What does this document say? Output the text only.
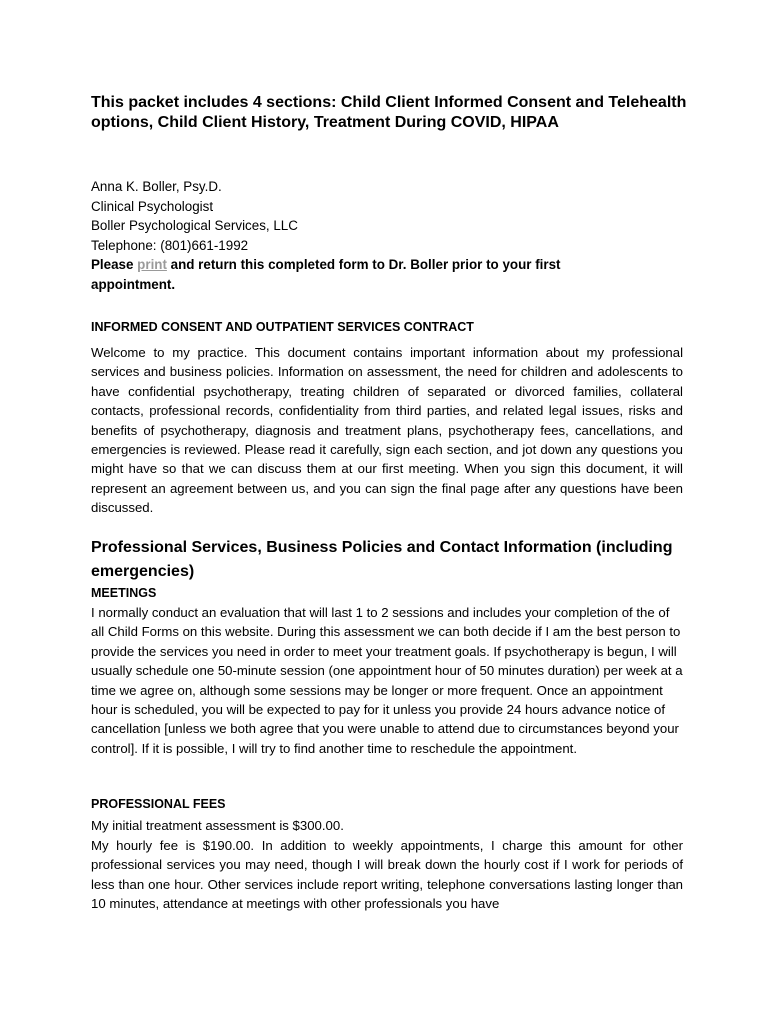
This packet includes 4 sections: Child Client Informed Consent and Telehealth options, Child Client History, Treatment During COVID, HIPAA
Anna K. Boller, Psy.D.
Clinical Psychologist
Boller Psychological Services, LLC
Telephone: (801)661-1992
Please print and return this completed form to Dr. Boller prior to your first appointment.
INFORMED CONSENT AND OUTPATIENT SERVICES CONTRACT

Welcome to my practice. This document contains important information about my professional services and business policies. Information on assessment, the need for children and adolescents to have confidential psychotherapy, treating children of separated or divorced families, collateral contacts, professional records, confidentiality from third parties, and related legal issues, risks and benefits of psychotherapy, diagnosis and treatment plans, psychotherapy fees, cancellations, and emergencies is reviewed. Please read it carefully, sign each section, and jot down any questions you might have so that we can discuss them at our first meeting. When you sign this document, it will represent an agreement between us, and you can sign the final page after any questions have been discussed.

Professional Services, Business Policies and Contact Information (including emergencies)
MEETINGS

I normally conduct an evaluation that will last 1 to 2 sessions and includes your completion of the of all Child Forms on this website. During this assessment we can both decide if I am the best person to provide the services you need in order to meet your treatment goals. If psychotherapy is begun, I will usually schedule one 50-minute session (one appointment hour of 50 minutes duration) per week at a time we agree on, although some sessions may be longer or more frequent. Once an appointment hour is scheduled, you will be expected to pay for it unless you provide 24 hours advance notice of cancellation [unless we both agree that you were unable to attend due to circumstances beyond your control]. If it is possible, I will try to find another time to reschedule the appointment.

PROFESSIONAL FEES

My initial treatment assessment is $300.00.

My hourly fee is $190.00. In addition to weekly appointments, I charge this amount for other professional services you may need, though I will break down the hourly cost if I work for periods of less than one hour. Other services include report writing, telephone conversations lasting longer than 10 minutes, attendance at meetings with other professionals you have
